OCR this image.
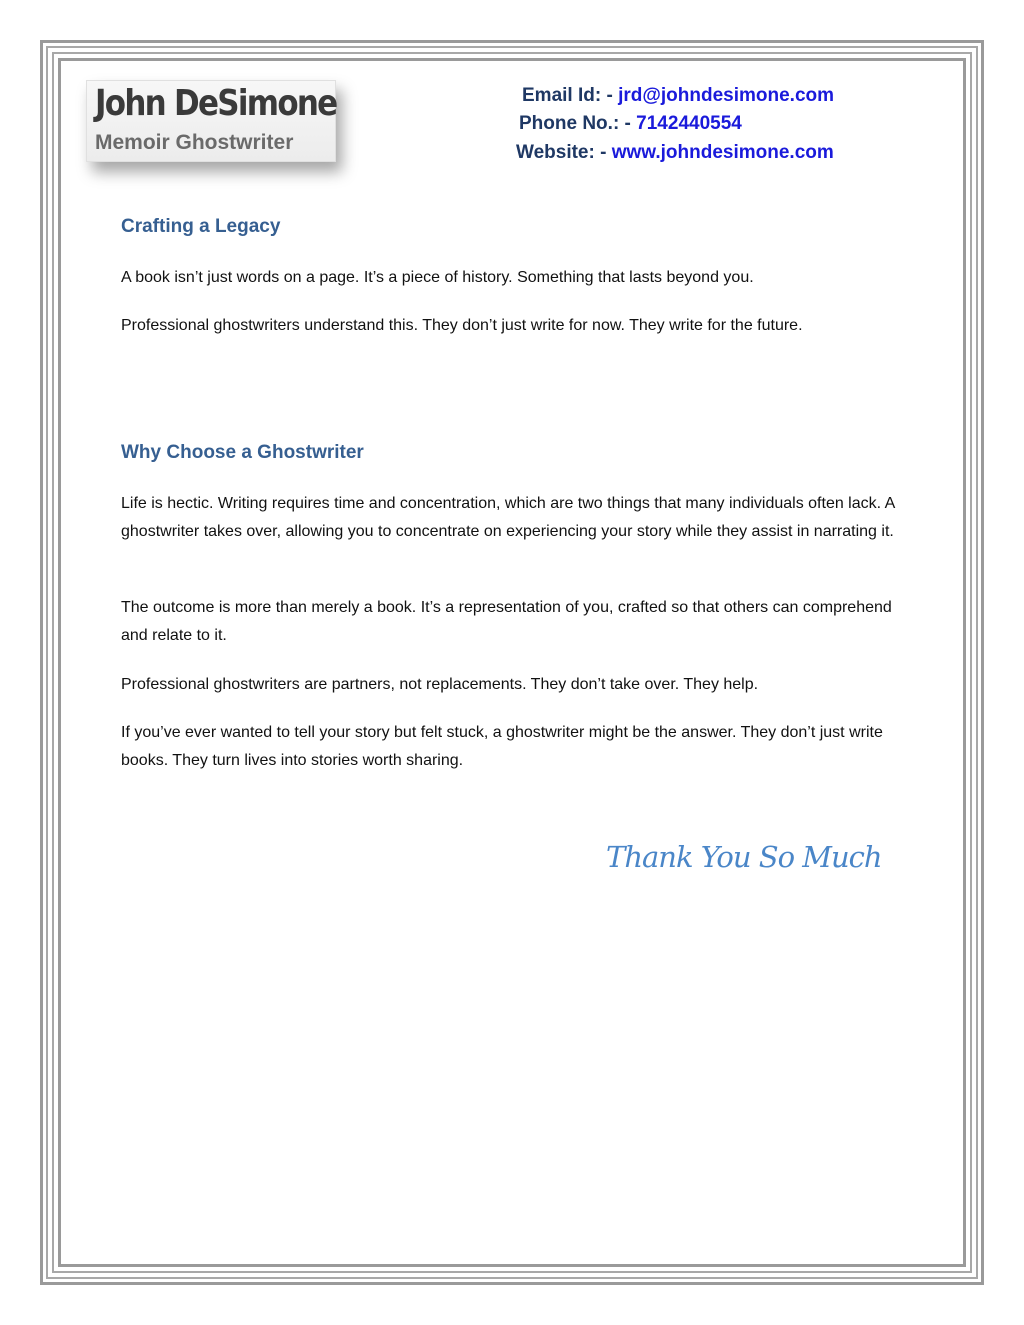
John DeSimone
Memoir Ghostwriter
Email Id: - jrd@johndesimone.com
Phone No.: - 7142440554
Website: - www.johndesimone.com
Crafting a Legacy
A book isn’t just words on a page. It’s a piece of history. Something that lasts beyond you.
Professional ghostwriters understand this. They don’t just write for now. They write for the future.
Why Choose a Ghostwriter
Life is hectic. Writing requires time and concentration, which are two things that many individuals often lack. A ghostwriter takes over, allowing you to concentrate on experiencing your story while they assist in narrating it.
The outcome is more than merely a book. It’s a representation of you, crafted so that others can comprehend and relate to it.
Professional ghostwriters are partners, not replacements. They don’t take over. They help.
If you’ve ever wanted to tell your story but felt stuck, a ghostwriter might be the answer. They don’t just write books. They turn lives into stories worth sharing.
Thank You So Much
